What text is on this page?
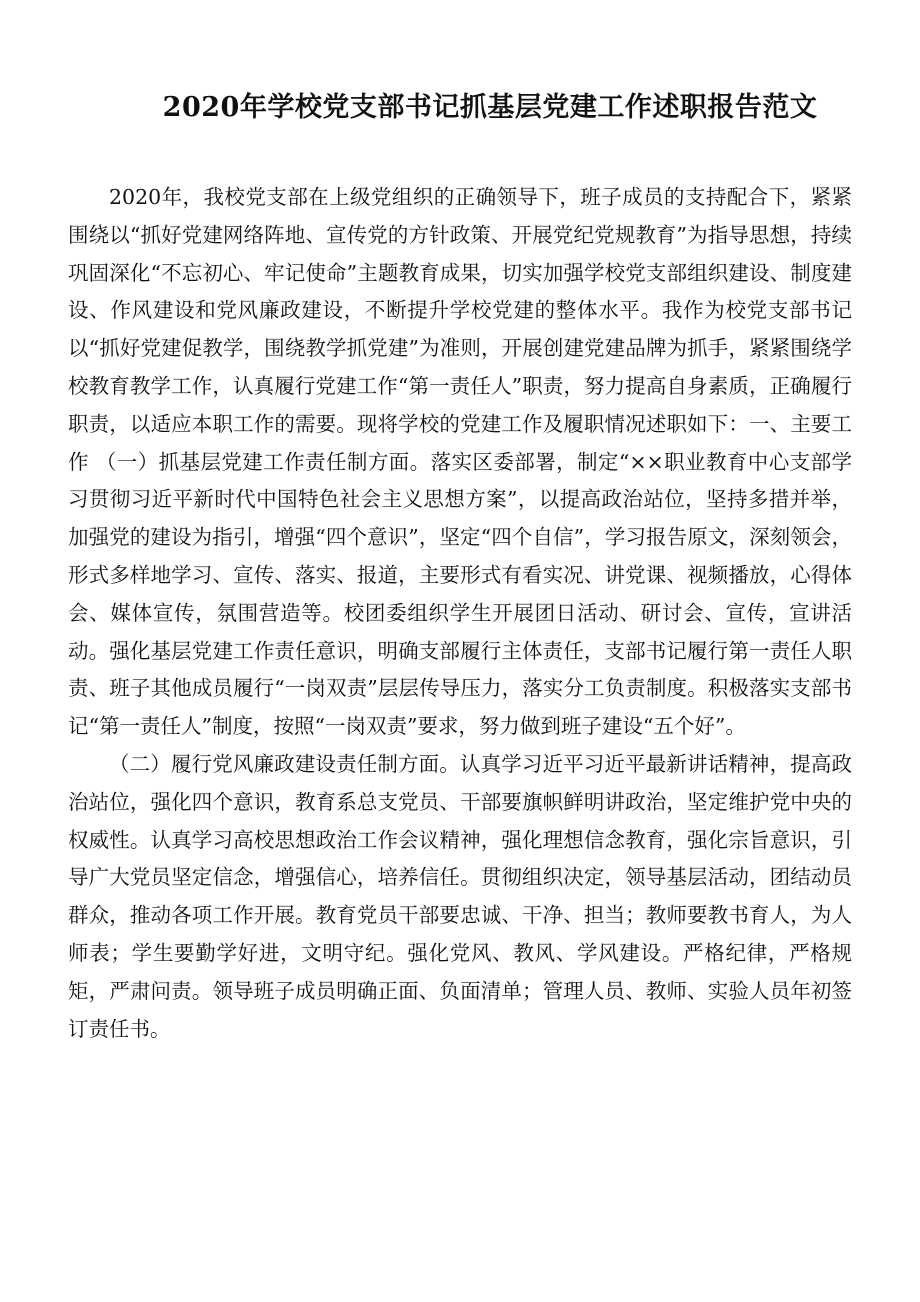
2020年学校党支部书记抓基层党建工作述职报告范文

2020年，我校党支部在上级党组织的正确领导下，班子成员的支持配合下，紧紧围绕以“抓好党建网络阵地、宣传党的方针政策、开展党纪党规教育”为指导思想，持续巩固深化“不忘初心、牢记使命”主题教育成果，切实加强学校党支部组织建设、制度建设、作风建设和党风廉政建设，不断提升学校党建的整体水平。我作为校党支部书记以“抓好党建促教学，围绕教学抓党建”为准则，开展创建党建品牌为抓手，紧紧围绕学校教育教学工作，认真履行党建工作“第一责任人”职责，努力提高自身素质，正确履行职责，以适应本职工作的需要。现将学校的党建工作及履职情况述职如下：一、主要工作 （一）抓基层党建工作责任制方面。落实区委部署，制定“××职业教育中心支部学习贯彻习近平新时代中国特色社会主义思想方案”，以提高政治站位，坚持多措并举，加强党的建设为指引，增强“四个意识”，坚定“四个自信”，学习报告原文，深刻领会，形式多样地学习、宣传、落实、报道，主要形式有看实况、讲党课、视频播放，心得体会、媒体宣传，氛围营造等。校团委组织学生开展团日活动、研讨会、宣传，宣讲活动。强化基层党建工作责任意识，明确支部履行主体责任，支部书记履行第一责任人职责、班子其他成员履行“一岗双责”层层传导压力，落实分工负责制度。积极落实支部书记“第一责任人”制度，按照“一岗双责”要求，努力做到班子建设“五个好”。

（二）履行党风廉政建设责任制方面。认真学习近平习近平最新讲话精神，提高政治站位，强化四个意识，教育系总支党员、干部要旗帜鲜明讲政治，坚定维护党中央的权威性。认真学习高校思想政治工作会议精神，强化理想信念教育，强化宗旨意识，引导广大党员坚定信念，增强信心，培养信任。贯彻组织决定，领导基层活动，团结动员群众，推动各项工作开展。教育党员干部要忠诚、干净、担当；教师要教书育人，为人师表；学生要勤学好进，文明守纪。强化党风、教风、学风建设。严格纪律，严格规矩，严肃问责。领导班子成员明确正面、负面清单；管理人员、教师、实验人员年初签订责任书。
